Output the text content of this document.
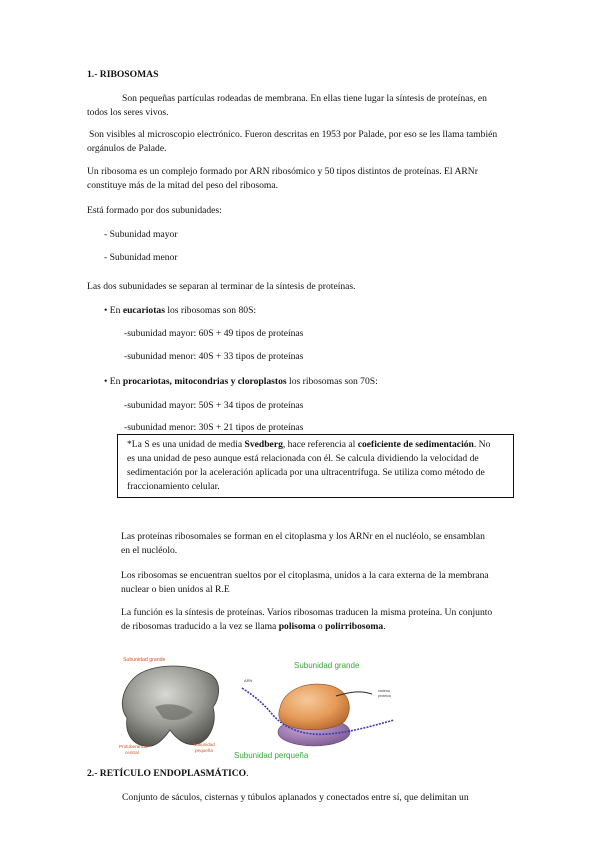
1.- RIBOSOMAS
Son pequeñas partículas rodeadas de membrana. En ellas tiene lugar la síntesis de proteínas, en
todos los seres vivos.
Son visibles al microscopio electrónico. Fueron descritas en 1953 por Palade, por eso se les llama también
orgánulos de Palade.
Un ribosoma es un complejo formado por ARN ribosómico y 50 tipos distintos de proteínas. El ARNr
constituye más de la mitad del peso del ribosoma.
Está formado por dos subunidades:
- Subunidad mayor
- Subunidad menor
Las dos subunidades se separan al terminar de la síntesis de proteínas.
• En eucariotas los ribosomas son 80S:
-subunidad mayor: 60S + 49 tipos de proteínas
-subunidad menor: 40S + 33 tipos de proteínas
• En procariotas, mitocondrias y cloroplastos los ribosomas son 70S:
-subunidad mayor: 50S + 34 tipos de proteínas
-subunidad menor: 30S + 21 tipos de proteínas
*La S es una unidad de media Svedberg, hace referencia al coeficiente de sedimentación. No
es una unidad de peso aunque está relacionada con él. Se calcula dividiendo la velocidad de
sedimentación por la aceleración aplicada por una ultracentrífuga. Se utiliza como método de
fraccionamiento celular.
Las proteínas ribosomales se forman en el citoplasma y los ARNr en el nucléolo, se ensamblan
en el nucléolo.
Los ribosomas se encuentran sueltos por el citoplasma, unidos a la cara externa de la membrana
nuclear o bien unidos al R.E
La función es la síntesis de proteínas. Varios ribosomas traducen la misma proteína. Un conjunto
de ribosomas traducido a la vez se llama polisoma o polirribosoma.
Subunidad grande
Protuberancia
central
Subunidad
pequeña
Subunidad grande
ARN
cadena
proteica
Subunidad perqueña
2.- RETÍCULO ENDOPLASMÁTICO.
Conjunto de sáculos, cisternas y túbulos aplanados y conectados entre sí, que delimitan un
